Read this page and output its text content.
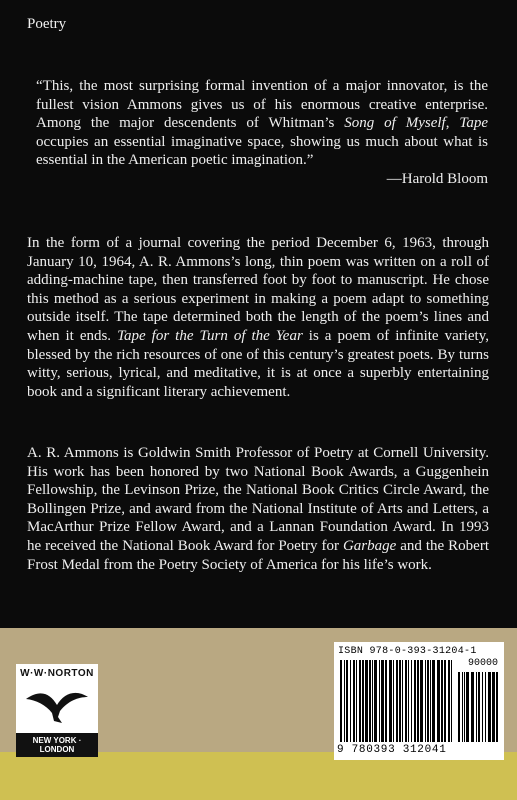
Poetry
“This, the most surprising formal invention of a major innovator, is the fullest vision Ammons gives us of his enormous creative enterprise. Among the major descendents of Whitman’s Song of Myself, Tape occupies an essential imaginative space, showing us much about what is essential in the American poetic imagination.”
—Harold Bloom
In the form of a journal covering the period December 6, 1963, through January 10, 1964, A. R. Ammons’s long, thin poem was written on a roll of adding-machine tape, then transferred foot by foot to manuscript. He chose this method as a serious experiment in making a poem adapt to something outside itself. The tape determined both the length of the poem’s lines and when it ends. Tape for the Turn of the Year is a poem of infinite variety, blessed by the rich resources of one of this century’s greatest poets. By turns witty, serious, lyrical, and meditative, it is at once a superbly entertaining book and a significant literary achievement.
A. R. Ammons is Goldwin Smith Professor of Poetry at Cornell University. His work has been honored by two National Book Awards, a Guggenhein Fellowship, the Levinson Prize, the National Book Critics Circle Award, the Bollingen Prize, and award from the National Institute of Arts and Letters, a MacArthur Prize Fellow Award, and a Lannan Foundation Award. In 1993 he received the National Book Award for Poetry for Garbage and the Robert Frost Medal from the Poetry Society of America for his life’s work.
W·W·NORTON
NEW YORK · LONDON
ISBN 978-0-393-31204-1
90000
9 780393 312041
